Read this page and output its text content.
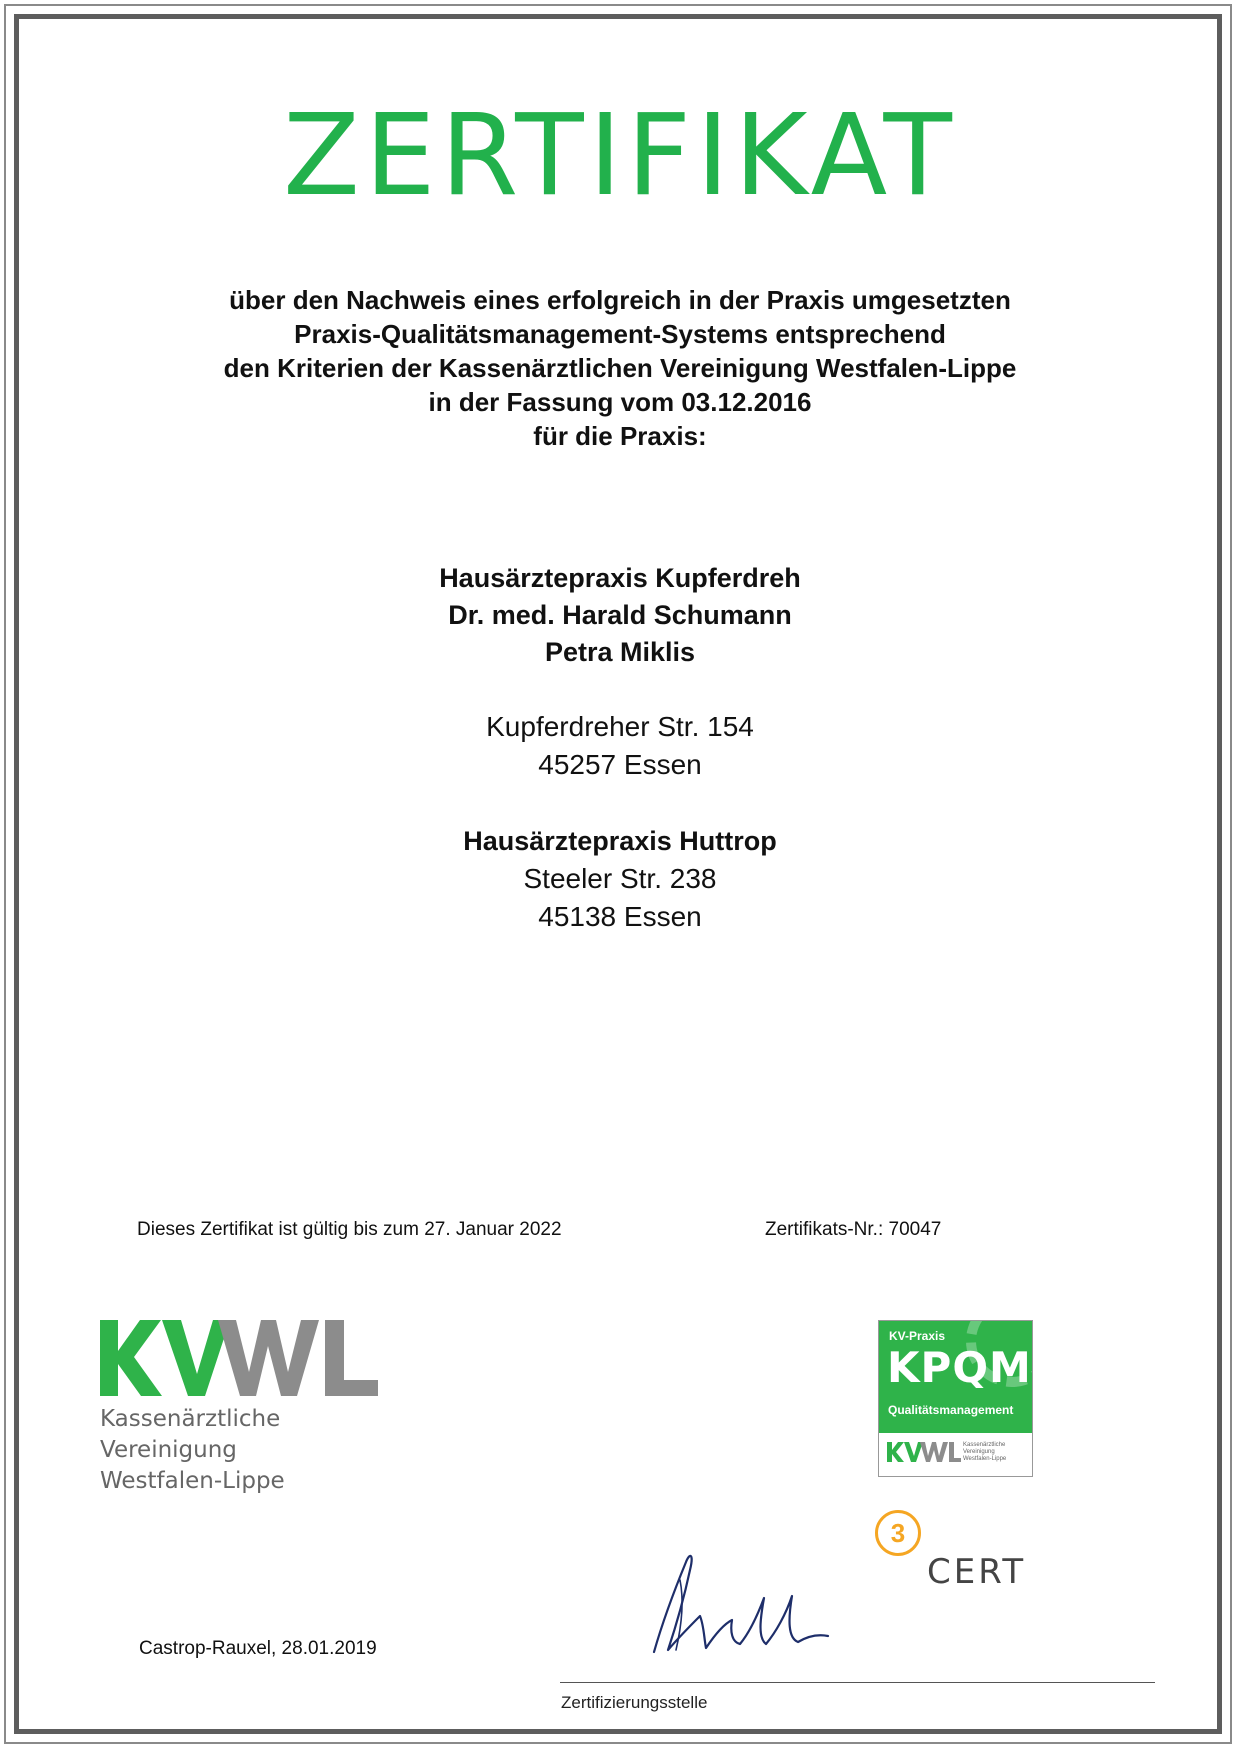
ZERTIFIKAT
über den Nachweis eines erfolgreich in der Praxis umgesetzten
Praxis-Qualitätsmanagement-Systems entsprechend
den Kriterien der Kassenärztlichen Vereinigung Westfalen-Lippe
in der Fassung vom 03.12.2016
für die Praxis:
Hausärztepraxis Kupferdreh
Dr. med. Harald Schumann
Petra Miklis
Kupferdreher Str. 154
45257 Essen
Hausärztepraxis Huttrop
Steeler Str. 238
45138 Essen
Dieses Zertifikat ist gültig bis zum 27. Januar 2022	Zertifikats-Nr.: 70047
Kassenärztliche Vereinigung
Westfalen-Lippe
KV-Praxis
KPQM
Qualitätsmanagement
Kassenärztliche Vereinigung Westfalen-Lippe
3
CERT
Castrop-Rauxel, 28.01.2019
Zertifizierungsstelle
